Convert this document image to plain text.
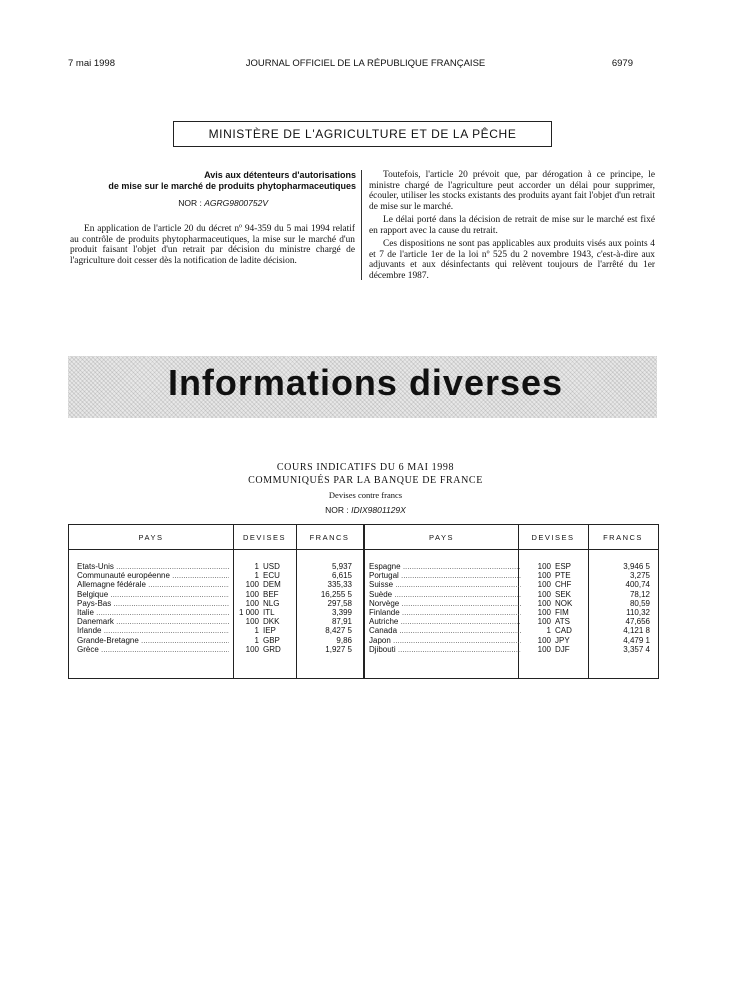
7 mai 1998	JOURNAL OFFICIEL DE LA RÉPUBLIQUE FRANÇAISE	6979
MINISTÈRE DE L'AGRICULTURE ET DE LA PÊCHE
Avis aux détenteurs d'autorisations
de mise sur le marché de produits phytopharmaceutiques
NOR : AGRG9800752V

En application de l'article 20 du décret nº 94-359 du 5 mai 1994 relatif au contrôle de produits phytopharmaceutiques, la mise sur le marché d'un produit faisant l'objet d'un retrait par décision du ministre chargé de l'agriculture doit cesser dès la notification de ladite décision.

Toutefois, l'article 20 prévoit que, par dérogation à ce principe, le ministre chargé de l'agriculture peut accorder un délai pour supprimer, écouler, utiliser les stocks existants des produits ayant fait l'objet d'un retrait de mise sur le marché.

Le délai porté dans la décision de retrait de mise sur le marché est fixé en rapport avec la cause du retrait.

Ces dispositions ne sont pas applicables aux produits visés aux points 4 et 7 de l'article 1er de la loi nº 525 du 2 novembre 1943, c'est-à-dire aux adjuvants et aux désinfectants qui relèvent toujours de l'arrêté du 1er décembre 1987.

Informations diverses
COURS INDICATIFS DU 6 MAI 1998
COMMUNIQUÉS PAR LA BANQUE DE FRANCE
Devises contre francs
NOR : IDIX9801129X
PAYS	DEVISES	FRANCS	PAYS	DEVISES	FRANCS
Etats-Unis .....	1 USD	5,937
Communauté européenne .....	1 ECU	6,615
Allemagne fédérale .....	100 DEM	335,33
Belgique .....	100 BEF	16,255 5
Pays-Bas .....	100 NLG	297,58
Italie .....	1 000 ITL	3,399
Danemark .....	100 DKK	87,91
Irlande .....	1 IEP	8,427 5
Grande-Bretagne .....	1 GBP	9,86
Grèce .....	100 GRD	1,927 5
Espagne .....	100 ESP	3,946 5
Portugal .....	100 PTE	3,275
Suisse .....	100 CHF	400,74
Suède .....	100 SEK	78,12
Norvège .....	100 NOK	80,59
Finlande .....	100 FIM	110,32
Autriche .....	100 ATS	47,656
Canada .....	1 CAD	4,121 8
Japon .....	100 JPY	4,479 1
Djibouti .....	100 DJF	3,357 4
